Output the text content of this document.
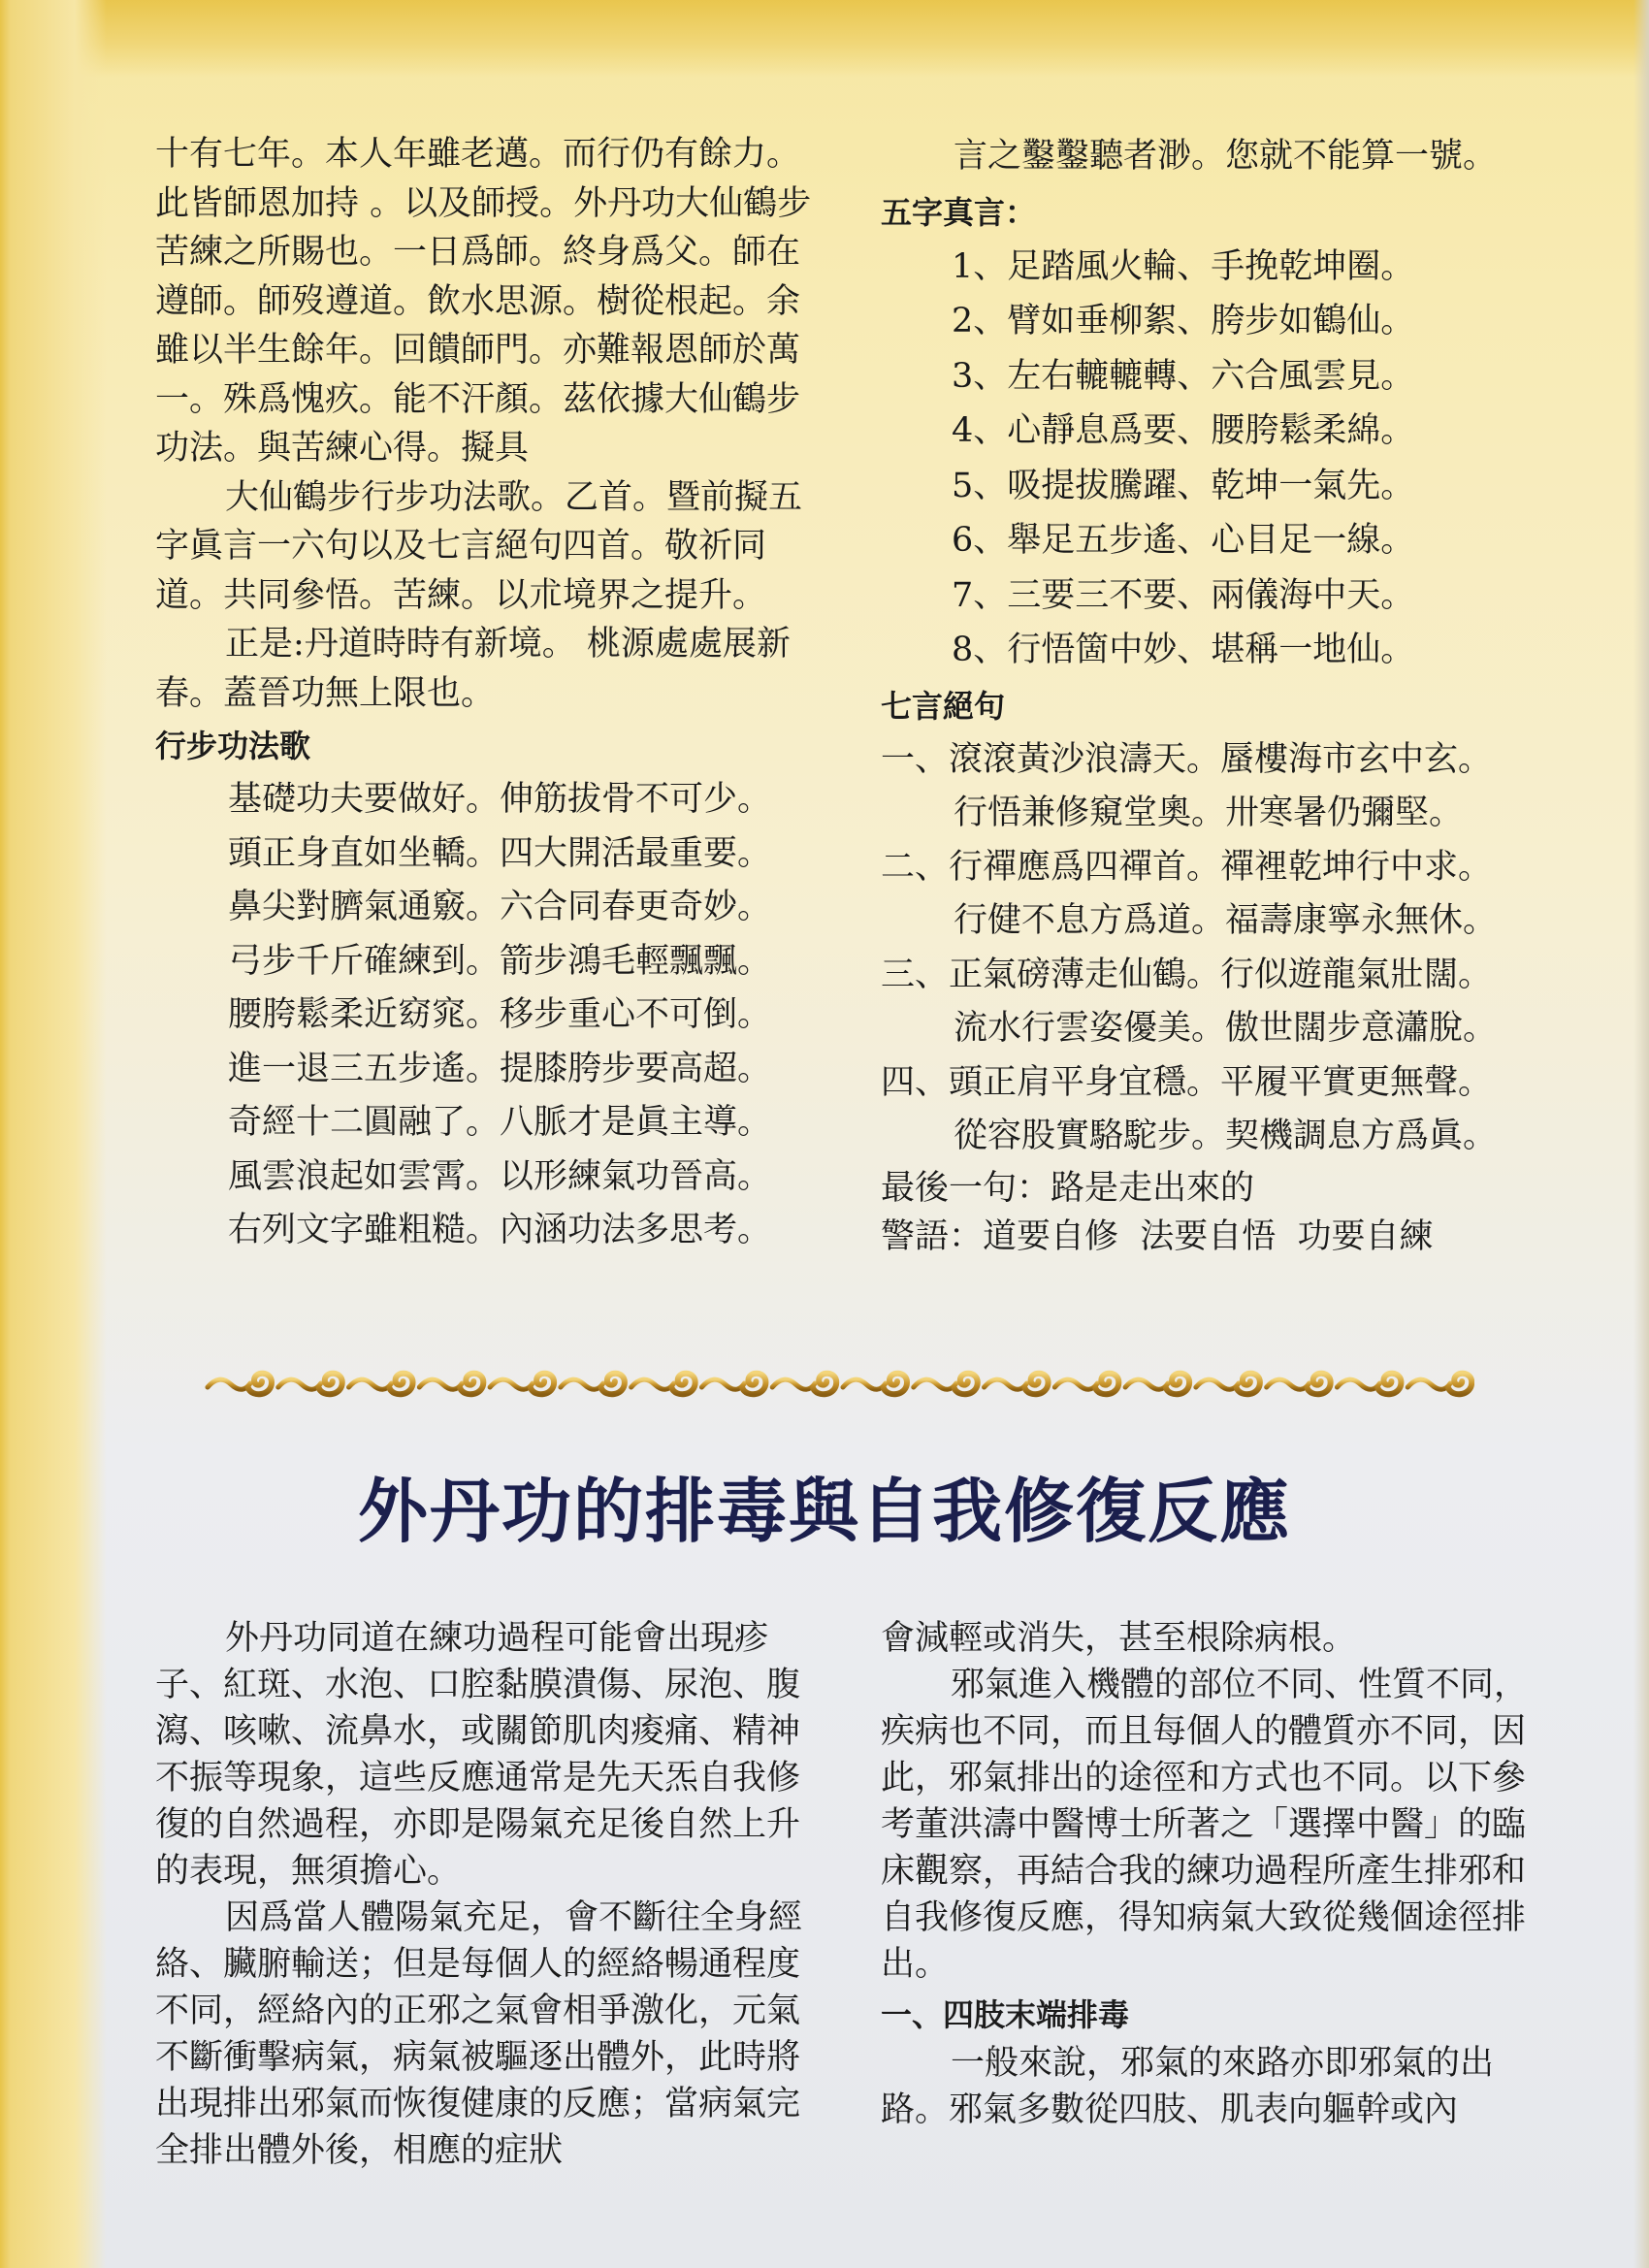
十有七年。本人年雖老邁。而行仍有餘力。此皆師恩加持 。以及師授。外丹功大仙鶴步苦練之所賜也。一日爲師。終身爲父。師在遵師。師歿遵道。飲水思源。樹從根起。余雖以半生餘年。回饋師門。亦難報恩師於萬一。殊爲愧疚。能不汗顏。茲依據大仙鶴步功法。與苦練心得。擬具

大仙鶴步行步功法歌。乙首。暨前擬五字眞言一六句以及七言絕句四首。敬祈同道。共同參悟。苦練。以朮境界之提升。

正是:丹道時時有新境。 桃源處處展新春。蓋晉功無上限也。

行步功法歌

基礎功夫要做好。伸筋拔骨不可少。

頭正身直如坐轎。四大開活最重要。

鼻尖對臍氣通竅。六合同春更奇妙。

弓步千斤確練到。箭步鴻毛輕飄飄。

腰胯鬆柔近窈窕。移步重心不可倒。

進一退三五步遙。提膝胯步要高超。

奇經十二圓融了。八脈才是眞主導。

風雲浪起如雲霄。以形練氣功晉高。

右列文字雖粗糙。內涵功法多思考。

言之鑿鑿聽者渺。您就不能算一號。

五字真言：

1、足踏風火輪、手挽乾坤圈。

2、臂如垂柳絮、胯步如鶴仙。

3、左右轆轆轉、六合風雲見。

4、心靜息爲要、腰胯鬆柔綿。

5、吸提拔騰躍、乾坤一氣先。

6、舉足五步遙、心目足一線。

7、三要三不要、兩儀海中天。

8、行悟箇中妙、堪稱一地仙。

七言絕句

一、滾滾黃沙浪濤天。蜃樓海市玄中玄。

行悟兼修窺堂奧。卅寒暑仍彌堅。

二、行禪應爲四禪首。禪裡乾坤行中求。

行健不息方爲道。福壽康寧永無休。

三、正氣磅薄走仙鶴。行似遊龍氣壯闊。

流水行雲姿優美。傲世闊步意瀟脫。

四、頭正肩平身宜穩。平履平實更無聲。

從容股實駱駝步。契機調息方爲眞。

最後一句：路是走出來的

警語：道要自修  法要自悟  功要自練

外丹功的排毒與自我修復反應

外丹功同道在練功過程可能會出現疹子、紅斑、水泡、口腔黏膜潰傷、尿泡、腹瀉、咳嗽、流鼻水，或關節肌肉痠痛、精神不振等現象，這些反應通常是先天炁自我修復的自然過程，亦即是陽氣充足後自然上升的表現，無須擔心。

因爲當人體陽氣充足，會不斷往全身經絡、臟腑輸送；但是每個人的經絡暢通程度不同，經絡內的正邪之氣會相爭激化，元氣不斷衝擊病氣，病氣被驅逐出體外，此時將出現排出邪氣而恢復健康的反應；當病氣完全排出體外後，相應的症狀

會減輕或消失，甚至根除病根。

邪氣進入機體的部位不同、性質不同，疾病也不同，而且每個人的體質亦不同，因此，邪氣排出的途徑和方式也不同。以下參考董洪濤中醫博士所著之「選擇中醫」的臨床觀察，再結合我的練功過程所產生排邪和自我修復反應，得知病氣大致從幾個途徑排出。

一、四肢末端排毒

一般來說，邪氣的來路亦即邪氣的出路。邪氣多數從四肢、肌表向軀幹或內
